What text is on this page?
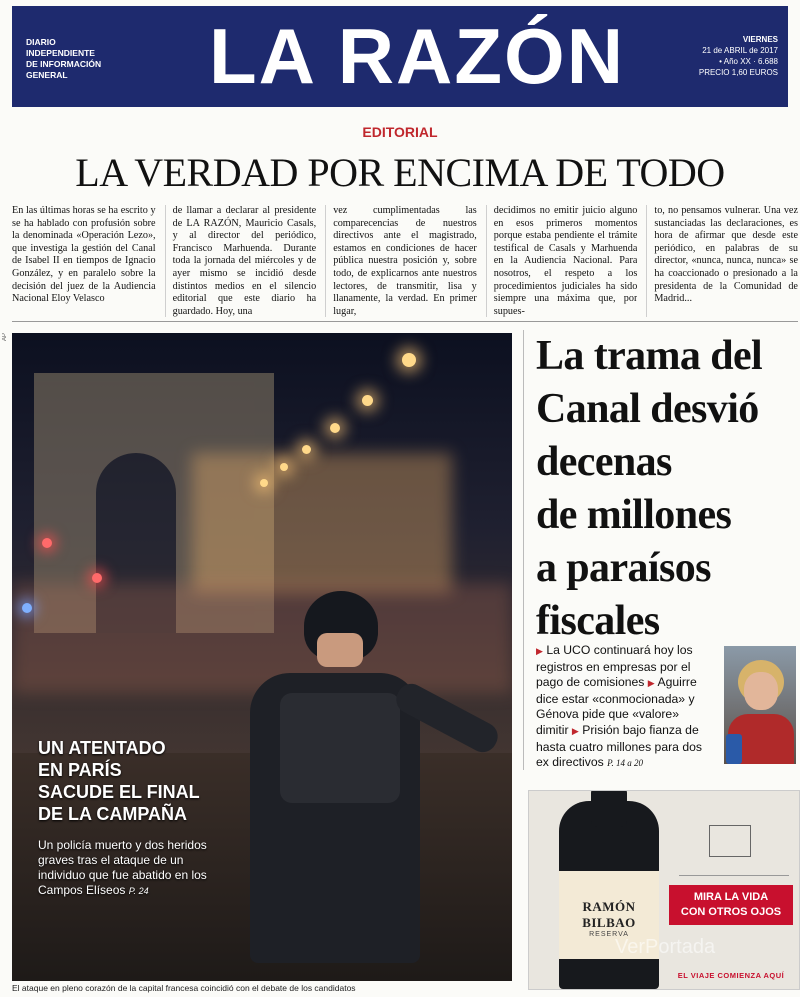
DIARIO
INDEPENDIENTE
DE INFORMACIÓN
GENERAL	LA RAZÓN	VIERNES
21 de ABRIL de 2017
• Año XX · 6.688
PRECIO 1,60 EUROS
EDITORIAL
LA VERDAD POR ENCIMA DE TODO
En las últimas horas se ha escrito y se ha hablado con profusión sobre la denominada «Operación Lezo», que investiga la gestión del Canal de Isabel II en tiempos de Ignacio González, y en paralelo sobre la decisión del juez de la Audiencia Nacional Eloy Velasco
de llamar a declarar al presidente de LA RAZÓN, Mauricio Casals, y al director del periódico, Francisco Marhuenda. Durante toda la jornada del miércoles y de ayer mismo se incidió desde distintos medios en el silencio editorial que este diario ha guardado. Hoy, una
vez cumplimentadas las comparecencias de nuestros directivos ante el magistrado, estamos en condiciones de hacer pública nuestra posición y, sobre todo, de explicarnos ante nuestros lectores, de transmitir, lisa y llanamente, la verdad. En primer lugar,
decidimos no emitir juicio alguno en esos primeros momentos porque estaba pendiente el trámite testifical de Casals y Marhuenda en la Audiencia Nacional. Para nosotros, el respeto a los procedimientos judiciales ha sido siempre una máxima que, por supues-
to, no pensamos vulnerar. Una vez sustanciadas las declaraciones, es hora de afirmar que desde este periódico, en palabras de su director, «nunca, nunca, nunca» se ha coaccionado o presionado a la presidenta de la Comunidad de Madrid...
AP
UN ATENTADO
EN PARÍS
SACUDE EL FINAL
DE LA CAMPAÑA
Un policía muerto y dos heridos graves tras el ataque de un individuo que fue abatido en los Campos Elíseos P. 24
El ataque en pleno corazón de la capital francesa coincidió con el debate de los candidatos
La trama del
Canal desvió
decenas
de millones
a paraísos
fiscales
▶ La UCO continuará hoy los registros en empresas por el pago de comisiones ▶ Aguirre dice estar «conmocionada» y Génova pide que «valore» dimitir ▶ Prisión bajo fianza de hasta cuatro millones para dos ex directivos P. 14 a 20
RAMÓN BILBAO
RESERVA
MIRA LA VIDA
CON OTROS OJOS
EL VIAJE COMIENZA AQUÍ
VerPortada
